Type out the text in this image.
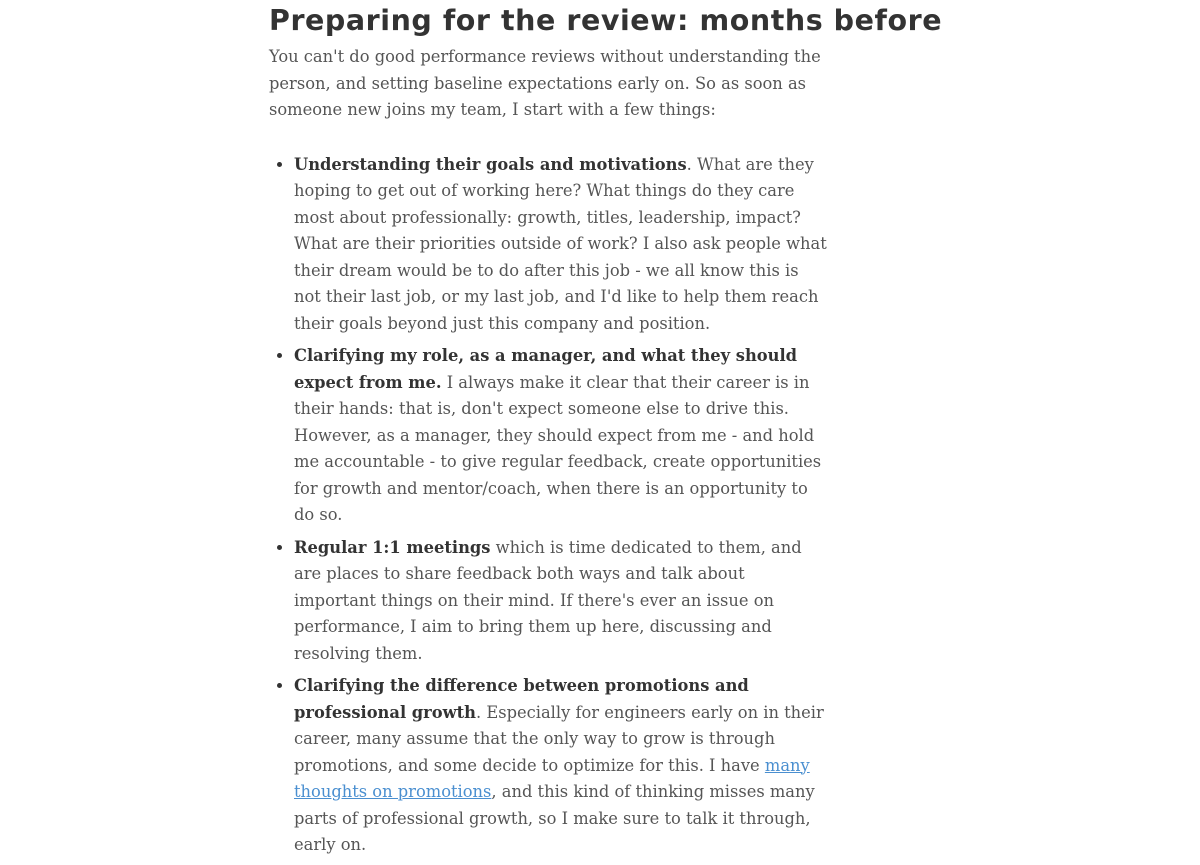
Preparing for the review: months before

You can't do good performance reviews without understanding the person, and setting baseline expectations early on. So as soon as someone new joins my team, I start with a few things:

• Understanding their goals and motivations. What are they hoping to get out of working here? What things do they care most about professionally: growth, titles, leadership, impact? What are their priorities outside of work? I also ask people what their dream would be to do after this job - we all know this is not their last job, or my last job, and I'd like to help them reach their goals beyond just this company and position.
• Clarifying my role, as a manager, and what they should expect from me. I always make it clear that their career is in their hands: that is, don't expect someone else to drive this. However, as a manager, they should expect from me - and hold me accountable - to give regular feedback, create opportunities for growth and mentor/coach, when there is an opportunity to do so.
• Regular 1:1 meetings which is time dedicated to them, and are places to share feedback both ways and talk about important things on their mind. If there's ever an issue on performance, I aim to bring them up here, discussing and resolving them.
• Clarifying the difference between promotions and professional growth. Especially for engineers early on in their career, many assume that the only way to grow is through promotions, and some decide to optimize for this. I have many thoughts on promotions, and this kind of thinking misses many parts of professional growth, so I make sure to talk it through, early on.
